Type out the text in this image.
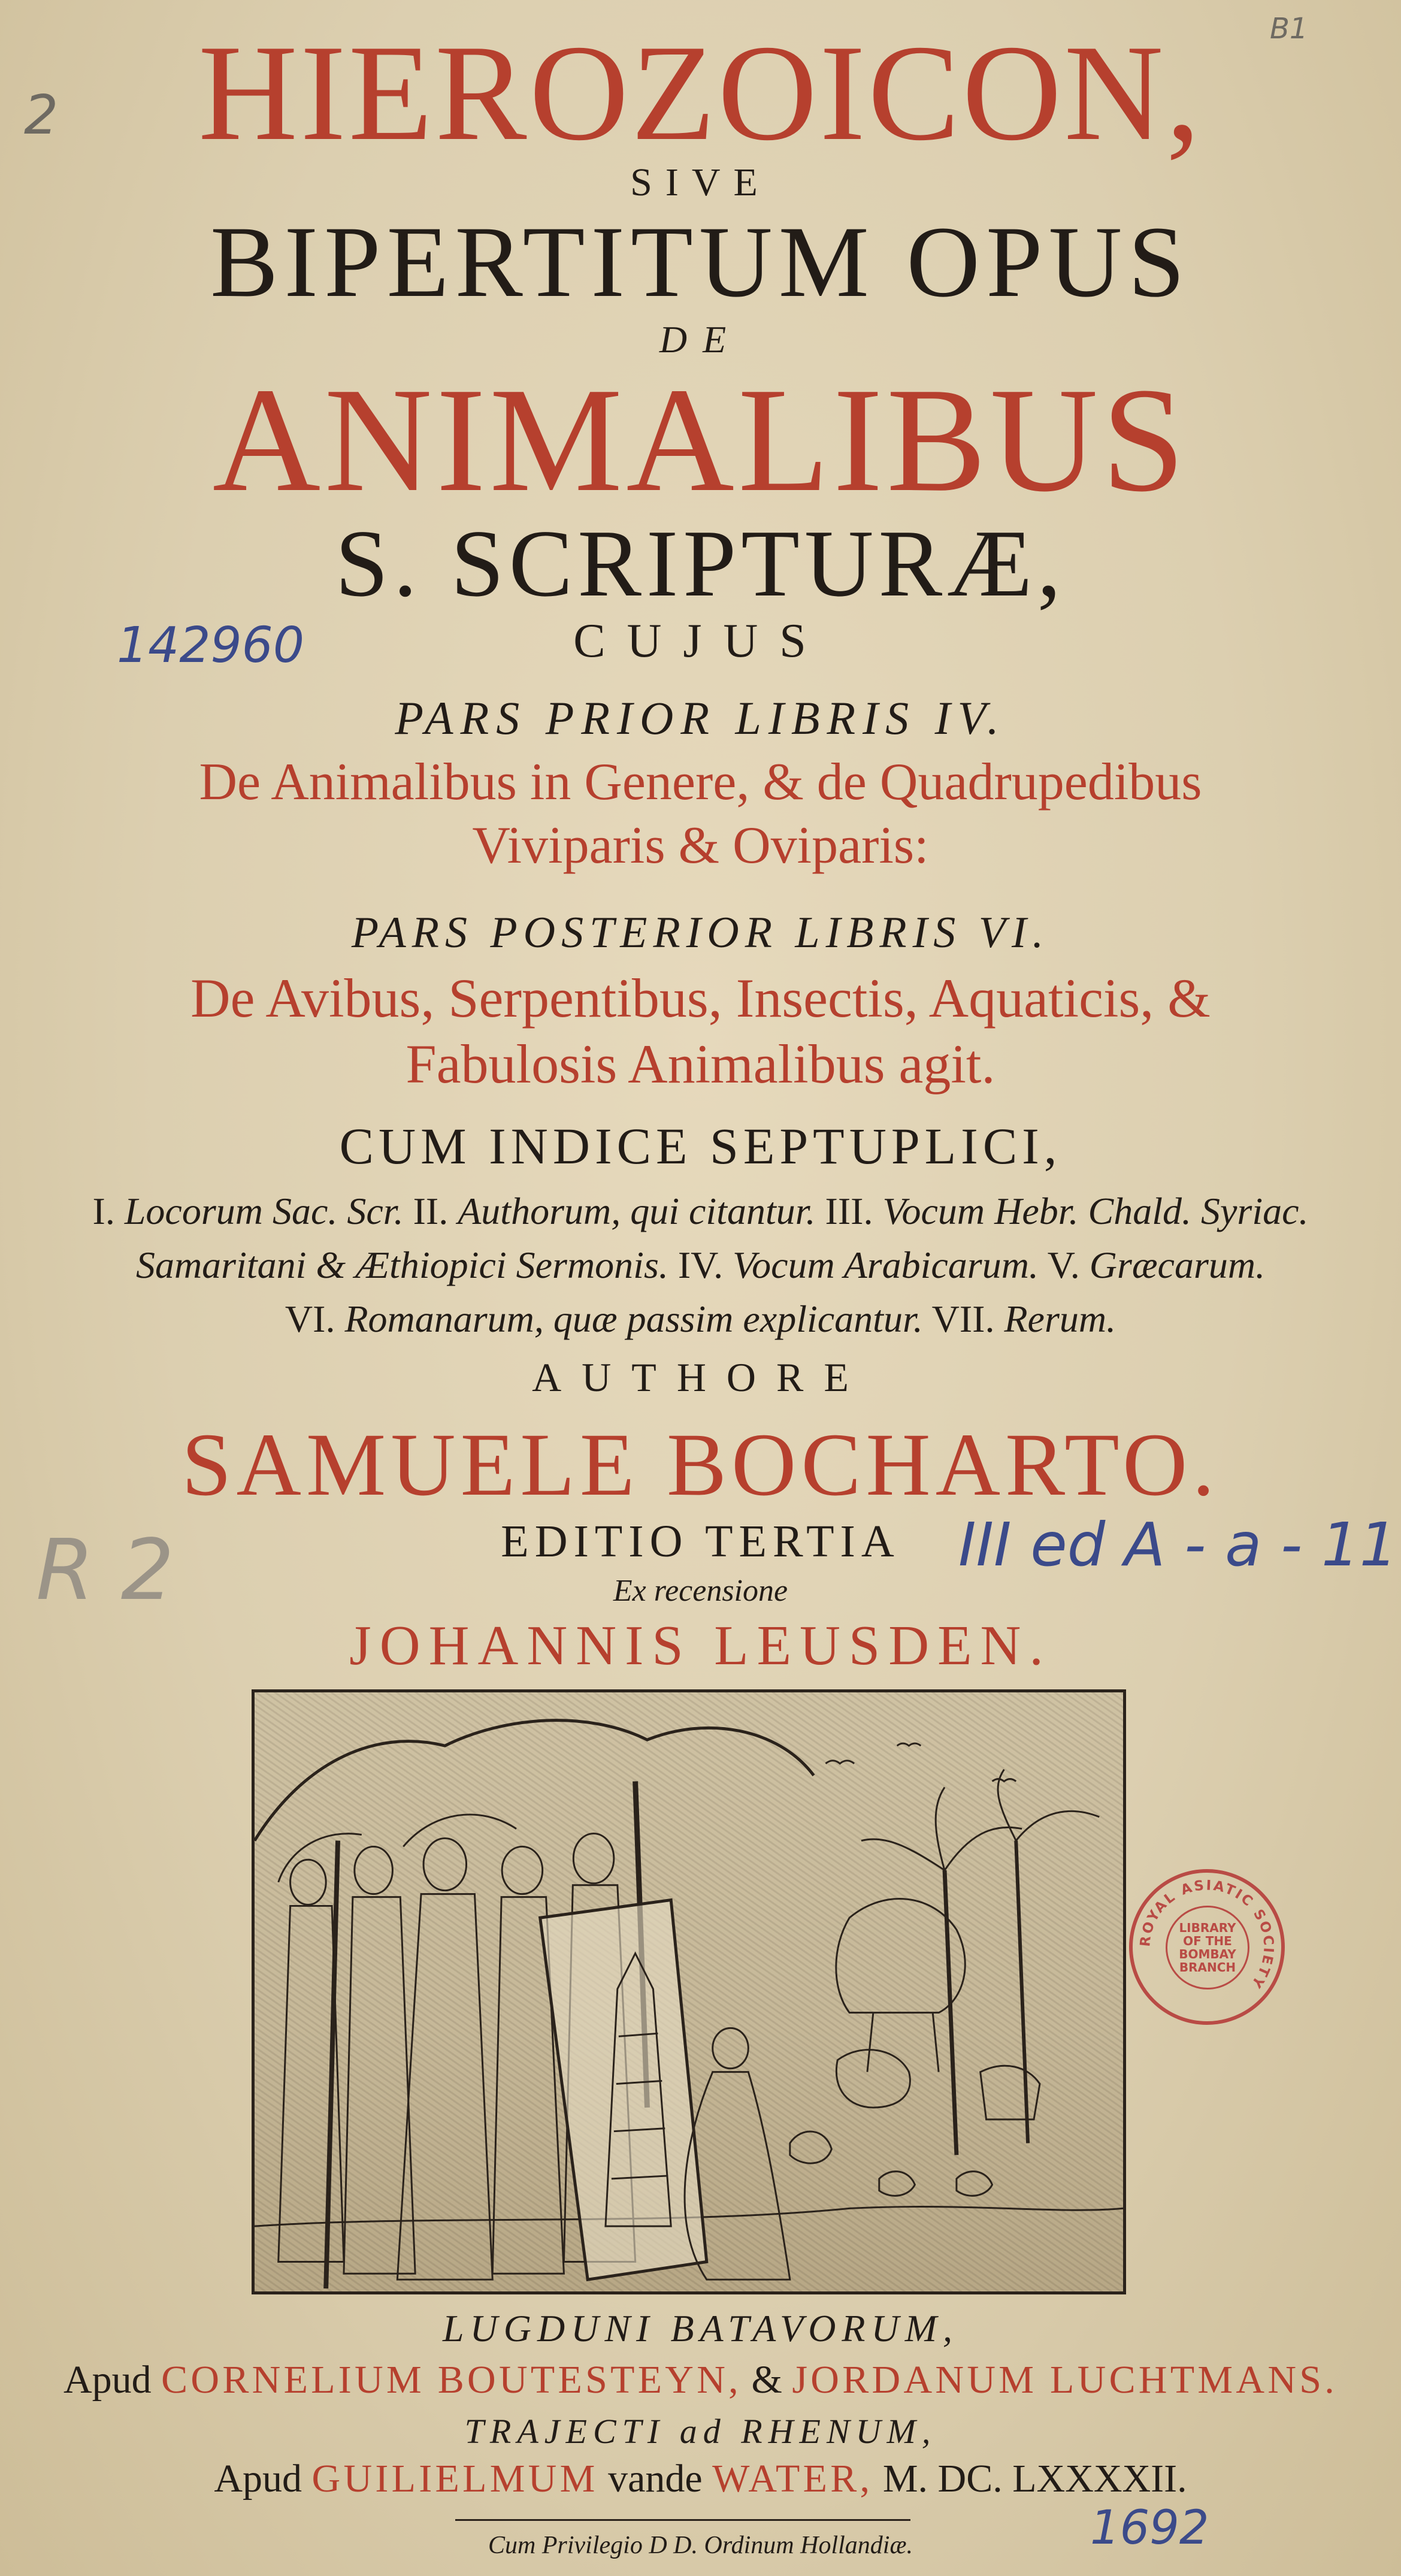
HIEROZOICON,
SIVE
BIPERTITUM OPUS
DE
ANIMALIBUS
S. SCRIPTURÆ,
CUJUS
PARS PRIOR LIBRIS IV.
De Animalibus in Genere, & de Quadrupedibus
Viviparis & Oviparis:
PARS POSTERIOR LIBRIS VI.
De Avibus, Serpentibus, Insectis, Aquaticis, &
Fabulosis Animalibus agit.
CUM INDICE SEPTUPLICI,
I. Locorum Sac. Scr. II. Authorum, qui citantur. III. Vocum Hebr. Chald. Syriac.
Samaritani & Æthiopici Sermonis. IV. Vocum Arabicarum. V. Græcarum.
VI. Romanarum, quæ passim explicantur. VII. Rerum.
AUTHORE
SAMUELE BOCHARTO.
EDITIO TERTIA
Ex recensione
JOHANNIS LEUSDEN.
LUGDUNI BATAVORUM,
Apud CORNELIUM BOUTESTEYN, & JORDANUM LUCHTMANS.
TRAJECTI ad RHENUM,
Apud GUILIELMUM vande WATER, M. DC. LXXXXII.
Cum Privilegio D D. Ordinum Hollandiæ.
142960
III ed A - a - 11
1692
2
B1
R 2
ROYAL ASIATIC SOCIETY
LIBRARY
OF THE
BOMBAY
BRANCH
